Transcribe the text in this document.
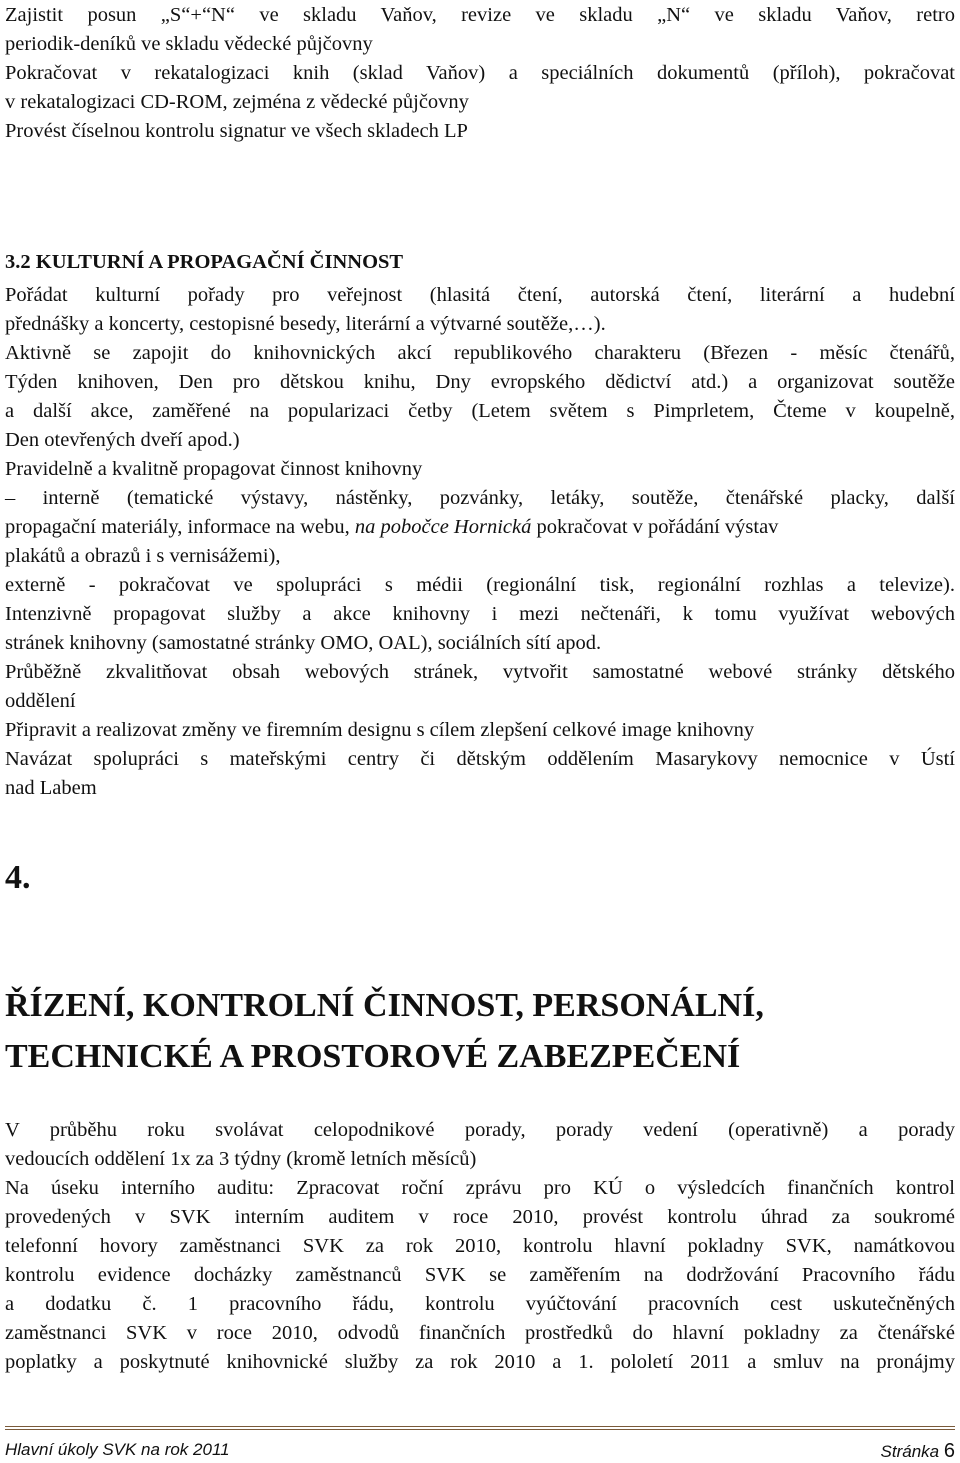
Zajistit posun „S“+“N“ ve skladu Vaňov, revize ve skladu „N“ ve skladu Vaňov, retro

periodik-deníků ve skladu vědecké půjčovny

Pokračovat v rekatalogizaci knih (sklad Vaňov) a speciálních dokumentů (příloh), pokračovat

v rekatalogizaci CD-ROM, zejména z vědecké půjčovny

Provést číselnou kontrolu signatur ve všech skladech LP

3.2 KULTURNÍ A PROPAGAČNÍ ČINNOST

Pořádat kulturní pořady pro veřejnost (hlasitá čtení, autorská čtení, literární a hudební

přednášky a koncerty, cestopisné besedy, literární a výtvarné soutěže,…).

Aktivně se zapojit do knihovnických akcí republikového charakteru (Březen - měsíc čtenářů,

Týden knihoven, Den pro dětskou knihu, Dny evropského dědictví atd.) a organizovat soutěže

a další akce, zaměřené na popularizaci četby (Letem světem s Pimprletem, Čteme v koupelně,

Den otevřených dveří apod.)

Pravidelně a kvalitně propagovat činnost knihovny

– interně (tematické výstavy, nástěnky, pozvánky, letáky, soutěže, čtenářské placky, další

propagační materiály, informace na webu, na pobočce Hornická pokračovat v pořádání výstav

plakátů a obrazů i s vernisážemi),

externě - pokračovat ve spolupráci s médii (regionální tisk, regionální rozhlas a televize).

Intenzivně propagovat služby a akce knihovny i mezi nečtenáři, k tomu využívat webových

stránek knihovny (samostatné stránky OMO, OAL), sociálních sítí apod.

Průběžně zkvalitňovat obsah webových stránek, vytvořit samostatné webové stránky dětského

oddělení

Připravit a realizovat změny ve firemním designu s cílem zlepšení celkové image knihovny

Navázat spolupráci s mateřskými centry či dětským oddělením Masarykovy nemocnice v Ústí

nad Labem

4.
ŘÍZENÍ, KONTROLNÍ ČINNOST, PERSONÁLNÍ,
TECHNICKÉ A PROSTOROVÉ ZABEZPEČENÍ

V průběhu roku svolávat celopodnikové porady, porady vedení (operativně) a porady

vedoucích oddělení 1x za 3 týdny (kromě letních měsíců)

Na úseku interního auditu: Zpracovat roční zprávu pro KÚ o výsledcích finančních kontrol

provedených v SVK interním auditem v roce 2010, provést kontrolu úhrad za soukromé

telefonní hovory zaměstnanci SVK za rok 2010, kontrolu hlavní pokladny SVK, namátkovou

kontrolu evidence docházky zaměstnanců SVK se zaměřením na dodržování Pracovního řádu

a dodatku č. 1 pracovního řádu, kontrolu vyúčtování pracovních cest uskutečněných

zaměstnanci SVK v roce 2010, odvodů finančních prostředků do hlavní pokladny za čtenářské

poplatky a poskytnuté knihovnické služby za rok 2010 a 1. pololetí 2011 a smluv na pronájmy

Hlavní úkoly SVK na rok 2011	Stránka 6
